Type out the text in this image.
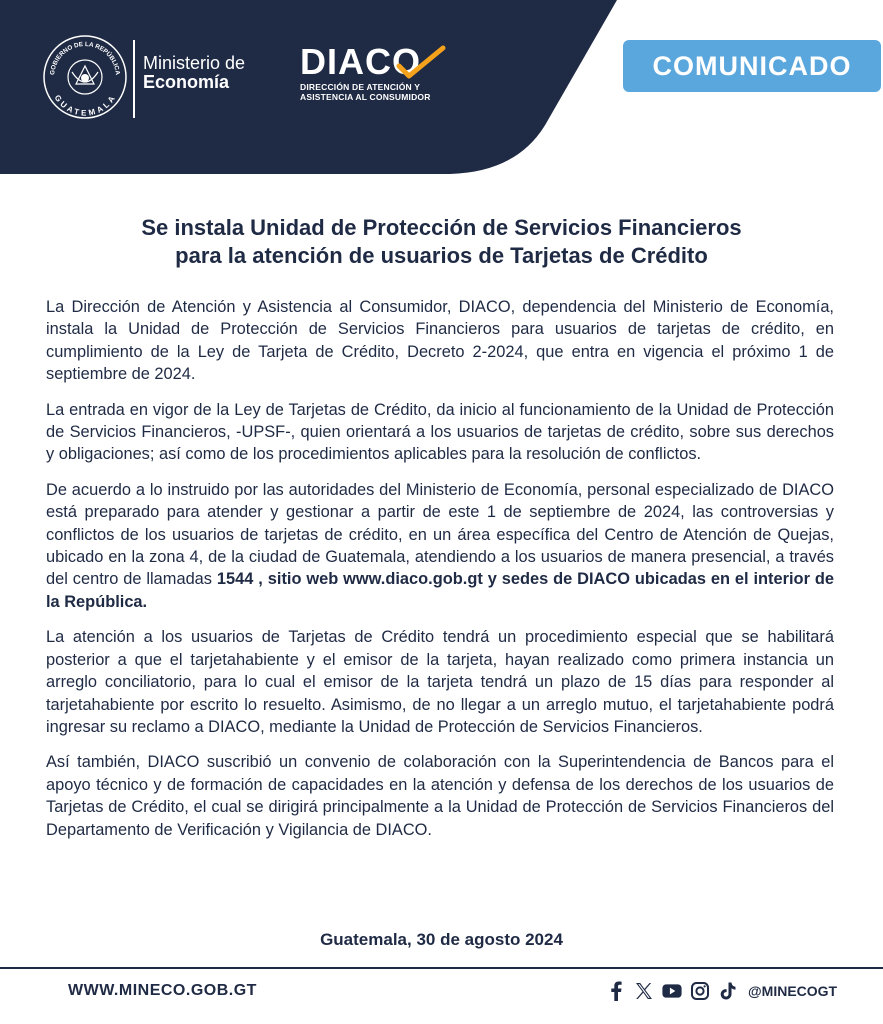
GOBIERNO DE LA REPÚBLICA
GUATEMALA
Ministerio de
Economía	DIACO
DIRECCIÓN DE ATENCIÓN Y
ASISTENCIA AL CONSUMIDOR
COMUNICADO
Se instala Unidad de Protección de Servicios Financieros
para la atención de usuarios de Tarjetas de Crédito

La Dirección de Atención y Asistencia al Consumidor, DIACO, dependencia del Ministerio de Economía, instala la Unidad de Protección de Servicios Financieros para usuarios de tarjetas de crédito, en cumplimiento de la Ley de Tarjeta de Crédito, Decreto 2-2024, que entra en vigencia el próximo 1 de septiembre de 2024.

La entrada en vigor de la Ley de Tarjetas de Crédito, da inicio al funcionamiento de la Unidad de Protección de Servicios Financieros, -UPSF-, quien orientará a los usuarios de tarjetas de crédito, sobre sus derechos y obligaciones; así como de los procedimientos aplicables para la resolución de conflictos.

De acuerdo a lo instruido por las autoridades del Ministerio de Economía, personal especializado de DIACO está preparado para atender y gestionar a partir de este 1 de septiembre de 2024, las controversias y conflictos de los usuarios de tarjetas de crédito, en un área específica del Centro de Atención de Quejas, ubicado en la zona 4, de la ciudad de Guatemala, atendiendo a los usuarios de manera presencial, a través del centro de llamadas 1544 , sitio web www.diaco.gob.gt y sedes de DIACO ubicadas en el interior de la República.

La atención a los usuarios de Tarjetas de Crédito tendrá un procedimiento especial que se habilitará posterior a que el tarjetahabiente y el emisor de la tarjeta, hayan realizado como primera instancia un arreglo conciliatorio, para lo cual el emisor de la tarjeta tendrá un plazo de 15 días para responder al tarjetahabiente por escrito lo resuelto. Asimismo, de no llegar a un arreglo mutuo, el tarjetahabiente podrá ingresar su reclamo a DIACO, mediante la Unidad de Protección de Servicios Financieros.

Así también, DIACO suscribió un convenio de colaboración con la Superintendencia de Bancos para el apoyo técnico y de formación de capacidades en la atención y defensa de los derechos de los usuarios de Tarjetas de Crédito, el cual se dirigirá principalmente a la Unidad de Protección de Servicios Financieros del Departamento de Verificación y Vigilancia de DIACO.

Guatemala, 30 de agosto 2024
WWW.MINECO.GOB.GT	@MINECOGT
